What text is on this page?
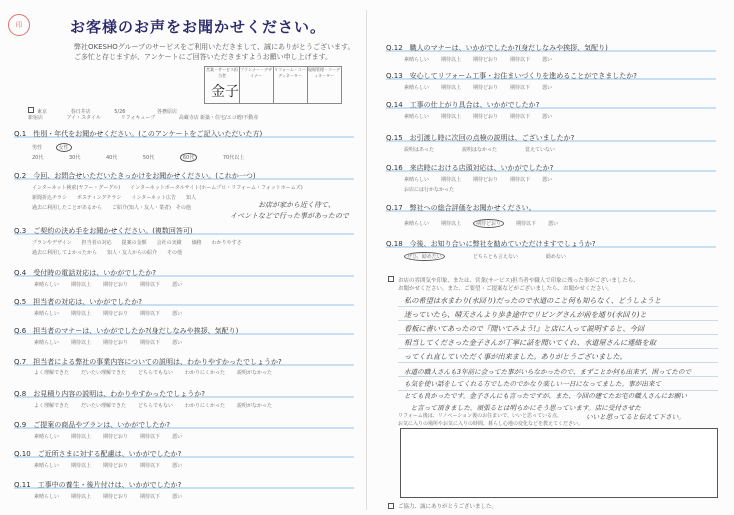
印	お客様のお声をお聞かせください。
弊社OKESHOグループのサービスをご利用いただきまして、誠にありがとうございます。
ご多忙と存じますが、アンケートにご回答いただきますようお願い申し上げます。
営業・サービス担当者
プランナー・デザイナー
リフォーム・コーディネーター
現場管理・コーディネーター
金子
東京	春日井店	5/26	各務原店
新宿店	アイ・スタイル	リフォキューブ	高蔵寺店 新築・住宅/エコ増/不動産
Q.1　性別・年代をお聞かせください。(このアンケートをご記入いただいた方)
男性	女性
20代	30代	40代	50代	60代	70代以上
Q.2　今回、お問合せいただいたきっかけをお聞かせください。(これか一つ)
インターネット検索(ヤフー・グーグル)　　インターネットポータルサイト(ホームプロ・リフォーム・フォットホームズ)
新聞折込チラシ　　ポスティングチラシ　　インターネット広告　　知人
過去に利用したことがあるから　　ご紹介(知人・友人・業者)　その他	お店が家から近く待て、
イベントなどで行った事があったので
Q.3　ご契約の決め手をお聞かせください。(複数回答可)
プランやデザイン　　担当者の対応　　提案の金額　　会社の実績　　価格　　わかりやすさ
過去に利用してよかったから　　知人・友人からの紹介　　その他
Q.4　受付時の電話対応は、いかがでしたか?
素晴らしい 期待以上 期待どおり 期待以下 悪い
Q.5　担当者の対応は、いかがでしたか?
素晴らしい 期待以上 期待どおり 期待以下 悪い
Q.6　担当者のマナーは、いかがでしたか?(身だしなみや挨拶、気配り)
素晴らしい 期待以上 期待どおり 期待以下 悪い
Q.7　担当者による弊社の事業内容についての説明は、わかりやすかったでしょうか?
よく理解できた だいたい理解できた どちらでもない わかりにくかった 説明がなかった
Q.8　お見積り内容の説明は、わかりやすかったでしょうか?
よく理解できた だいたい理解できた どちらでもない わかりにくかった 説明がなかった
Q.9　ご提案の商品やプランは、いかがでしたか?
素晴らしい 期待以上 期待どおり 期待以下 悪い
Q.10　ご近所さまに対する配慮は、いかがでしたか?
素晴らしい 期待以上 期待どおり 期待以下 悪い
Q.11　工事中の養生・後片付けは、いかがでしたか?
素晴らしい 期待以上 期待どおり 期待以下 悪い
Q.12　職人のマナーは、いかがでしたか?(身だしなみや挨拶、気配り)
素晴らしい 期待以上 期待どおり 期待以下 悪い
Q.13　安心してリフォーム工事・お住まいづくりを進めることができましたか?
素晴らしい 期待以上 期待どおり 期待以下 悪い
Q.14　工事の仕上がり具合は、いかがでしたか?
素晴らしい 期待以上 期待どおり 期待以下 悪い
Q.15　お引渡し時に次回の点検の説明は、ございましたか?
説明はあった	説明はなかった	覚えていない
Q.16　来店時における店頭対応は、いかがでしたか?
素晴らしい 期待以上 期待どおり 期待以下 悪い
お店には行かなかった
Q.17　弊社への総合評価をお聞かせください。
素晴らしい 期待以上	期待どおり	期待以下 悪い
Q.18　今後、お知り合いに弊社を勧めていただけますでしょうか?
ぜひ、勧めたい	どちらとも言えない	勧めない
お店の雰囲気や印象、または、営業(サービス)担当者や職人で印象に残った事がございましたら、
お聞かせください。また、ご要望・ご提案などがございましたら、お聞かせください。
私の希望は水まわり(水回り)だったので水道のこと何も知らなく、どうしようと
迷っていたら、晴天さんより歩き途中でリビングさんが前を通り(水回り)と
看板に書いてあったので『聞いてみよう!』と店に入って説明すると、今回
相当してくださった金子さんが丁寧に話を聞いてくれ、水道屋さんに連絡を取
ってくれ直していただく事が出来ました。ありがとうございました。
水道の職人さんも3年前に会ってた事がいらなかったので、まずことか何も出来ず、困ってたので
も気を使い話をしてくれる方でしたのでかなり楽しい一日になってました。事が出来て
とても良かったです。金子さんにも言ったですが、また、今回の建てたお宅の職人さんにお願い
　と言って頂きました。頑張るとは明らかにそう思っています。店に受付させた
リフォーム後は、リノベーション後のお住まいで、いいと思っている点、	いいと思ってると伝えて下さい。
お気に入りの場所やお気に入りの時間、暮らし心地の変化などを教えてください。
ご協力、誠にありがとうございました。
